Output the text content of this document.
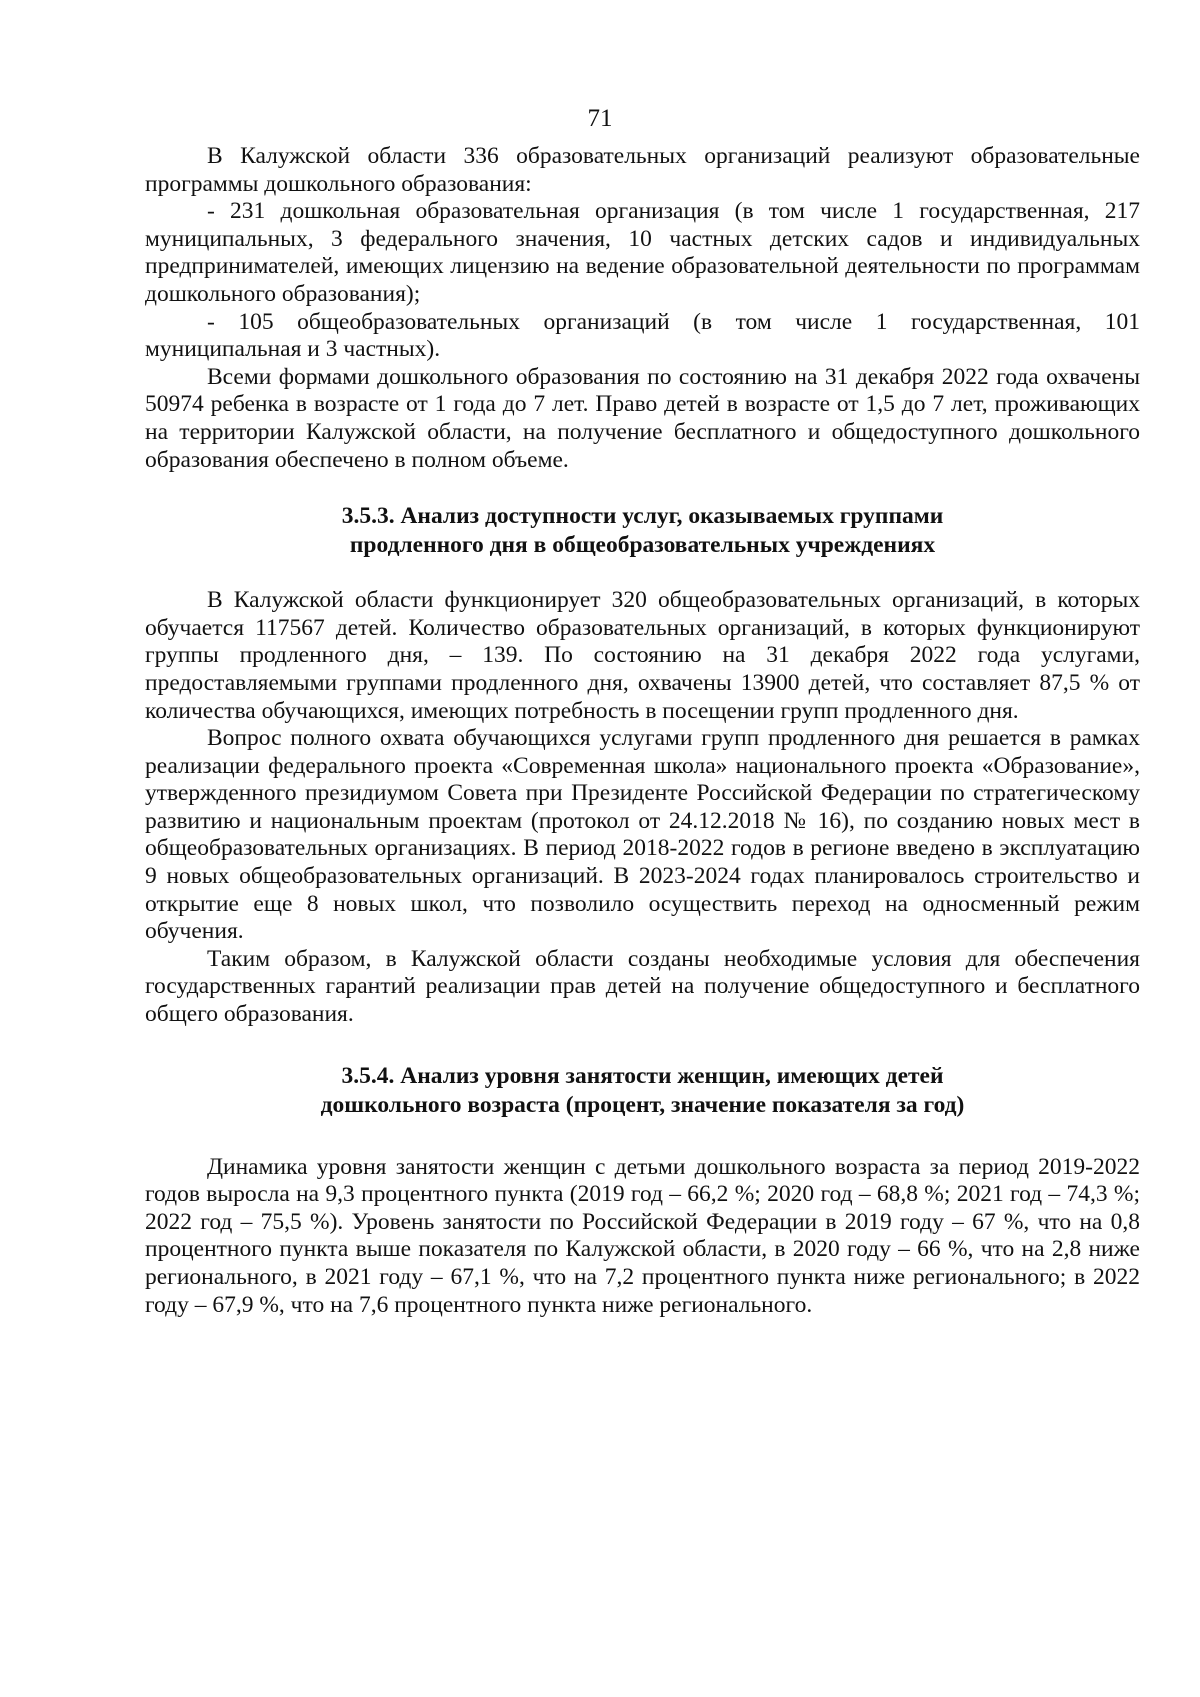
71

В Калужской области 336 образовательных организаций реализуют образовательные программы дошкольного образования:

- 231 дошкольная образовательная организация (в том числе 1 государственная, 217 муниципальных, 3 федерального значения, 10 частных детских садов и индивидуальных предпринимателей, имеющих лицензию на ведение образовательной деятельности по программам дошкольного образования);

- 105 общеобразовательных организаций (в том числе 1 государственная, 101 муниципальная и 3 частных).

Всеми формами дошкольного образования по состоянию на 31 декабря 2022 года охвачены 50974 ребенка в возрасте от 1 года до 7 лет. Право детей в возрасте от 1,5 до 7 лет, проживающих на территории Калужской области, на получение бесплатного и общедоступного дошкольного образования обеспечено в полном объеме.

3.5.3. Анализ доступности услуг, оказываемых группами
продленного дня в общеобразовательных учреждениях

В Калужской области функционирует 320 общеобразовательных организаций, в которых обучается 117567 детей. Количество образовательных организаций, в которых функционируют группы продленного дня, – 139. По состоянию на 31 декабря 2022 года услугами, предоставляемыми группами продленного дня, охвачены 13900 детей, что составляет 87,5 % от количества обучающихся, имеющих потребность в посещении групп продленного дня.

Вопрос полного охвата обучающихся услугами групп продленного дня решается в рамках реализации федерального проекта «Современная школа» национального проекта «Образование», утвержденного президиумом Совета при Президенте Российской Федерации по стратегическому развитию и национальным проектам (протокол от 24.12.2018 № 16), по созданию новых мест в общеобразовательных организациях. В период 2018-2022 годов в регионе введено в эксплуатацию 9 новых общеобразовательных организаций. В 2023-2024 годах планировалось строительство и открытие еще 8 новых школ, что позволило осуществить переход на односменный режим обучения.

Таким образом, в Калужской области созданы необходимые условия для обеспечения государственных гарантий реализации прав детей на получение общедоступного и бесплатного общего образования.

3.5.4. Анализ уровня занятости женщин, имеющих детей
дошкольного возраста (процент, значение показателя за год)

Динамика уровня занятости женщин с детьми дошкольного возраста за период 2019-2022 годов выросла на 9,3 процентного пункта (2019 год – 66,2 %; 2020 год – 68,8 %; 2021 год – 74,3 %; 2022 год – 75,5 %). Уровень занятости по Российской Федерации в 2019 году – 67 %, что на 0,8 процентного пункта выше показателя по Калужской области, в 2020 году – 66 %, что на 2,8 ниже регионального, в 2021 году – 67,1 %, что на 7,2 процентного пункта ниже регионального; в 2022 году – 67,9 %, что на 7,6 процентного пункта ниже регионального.
